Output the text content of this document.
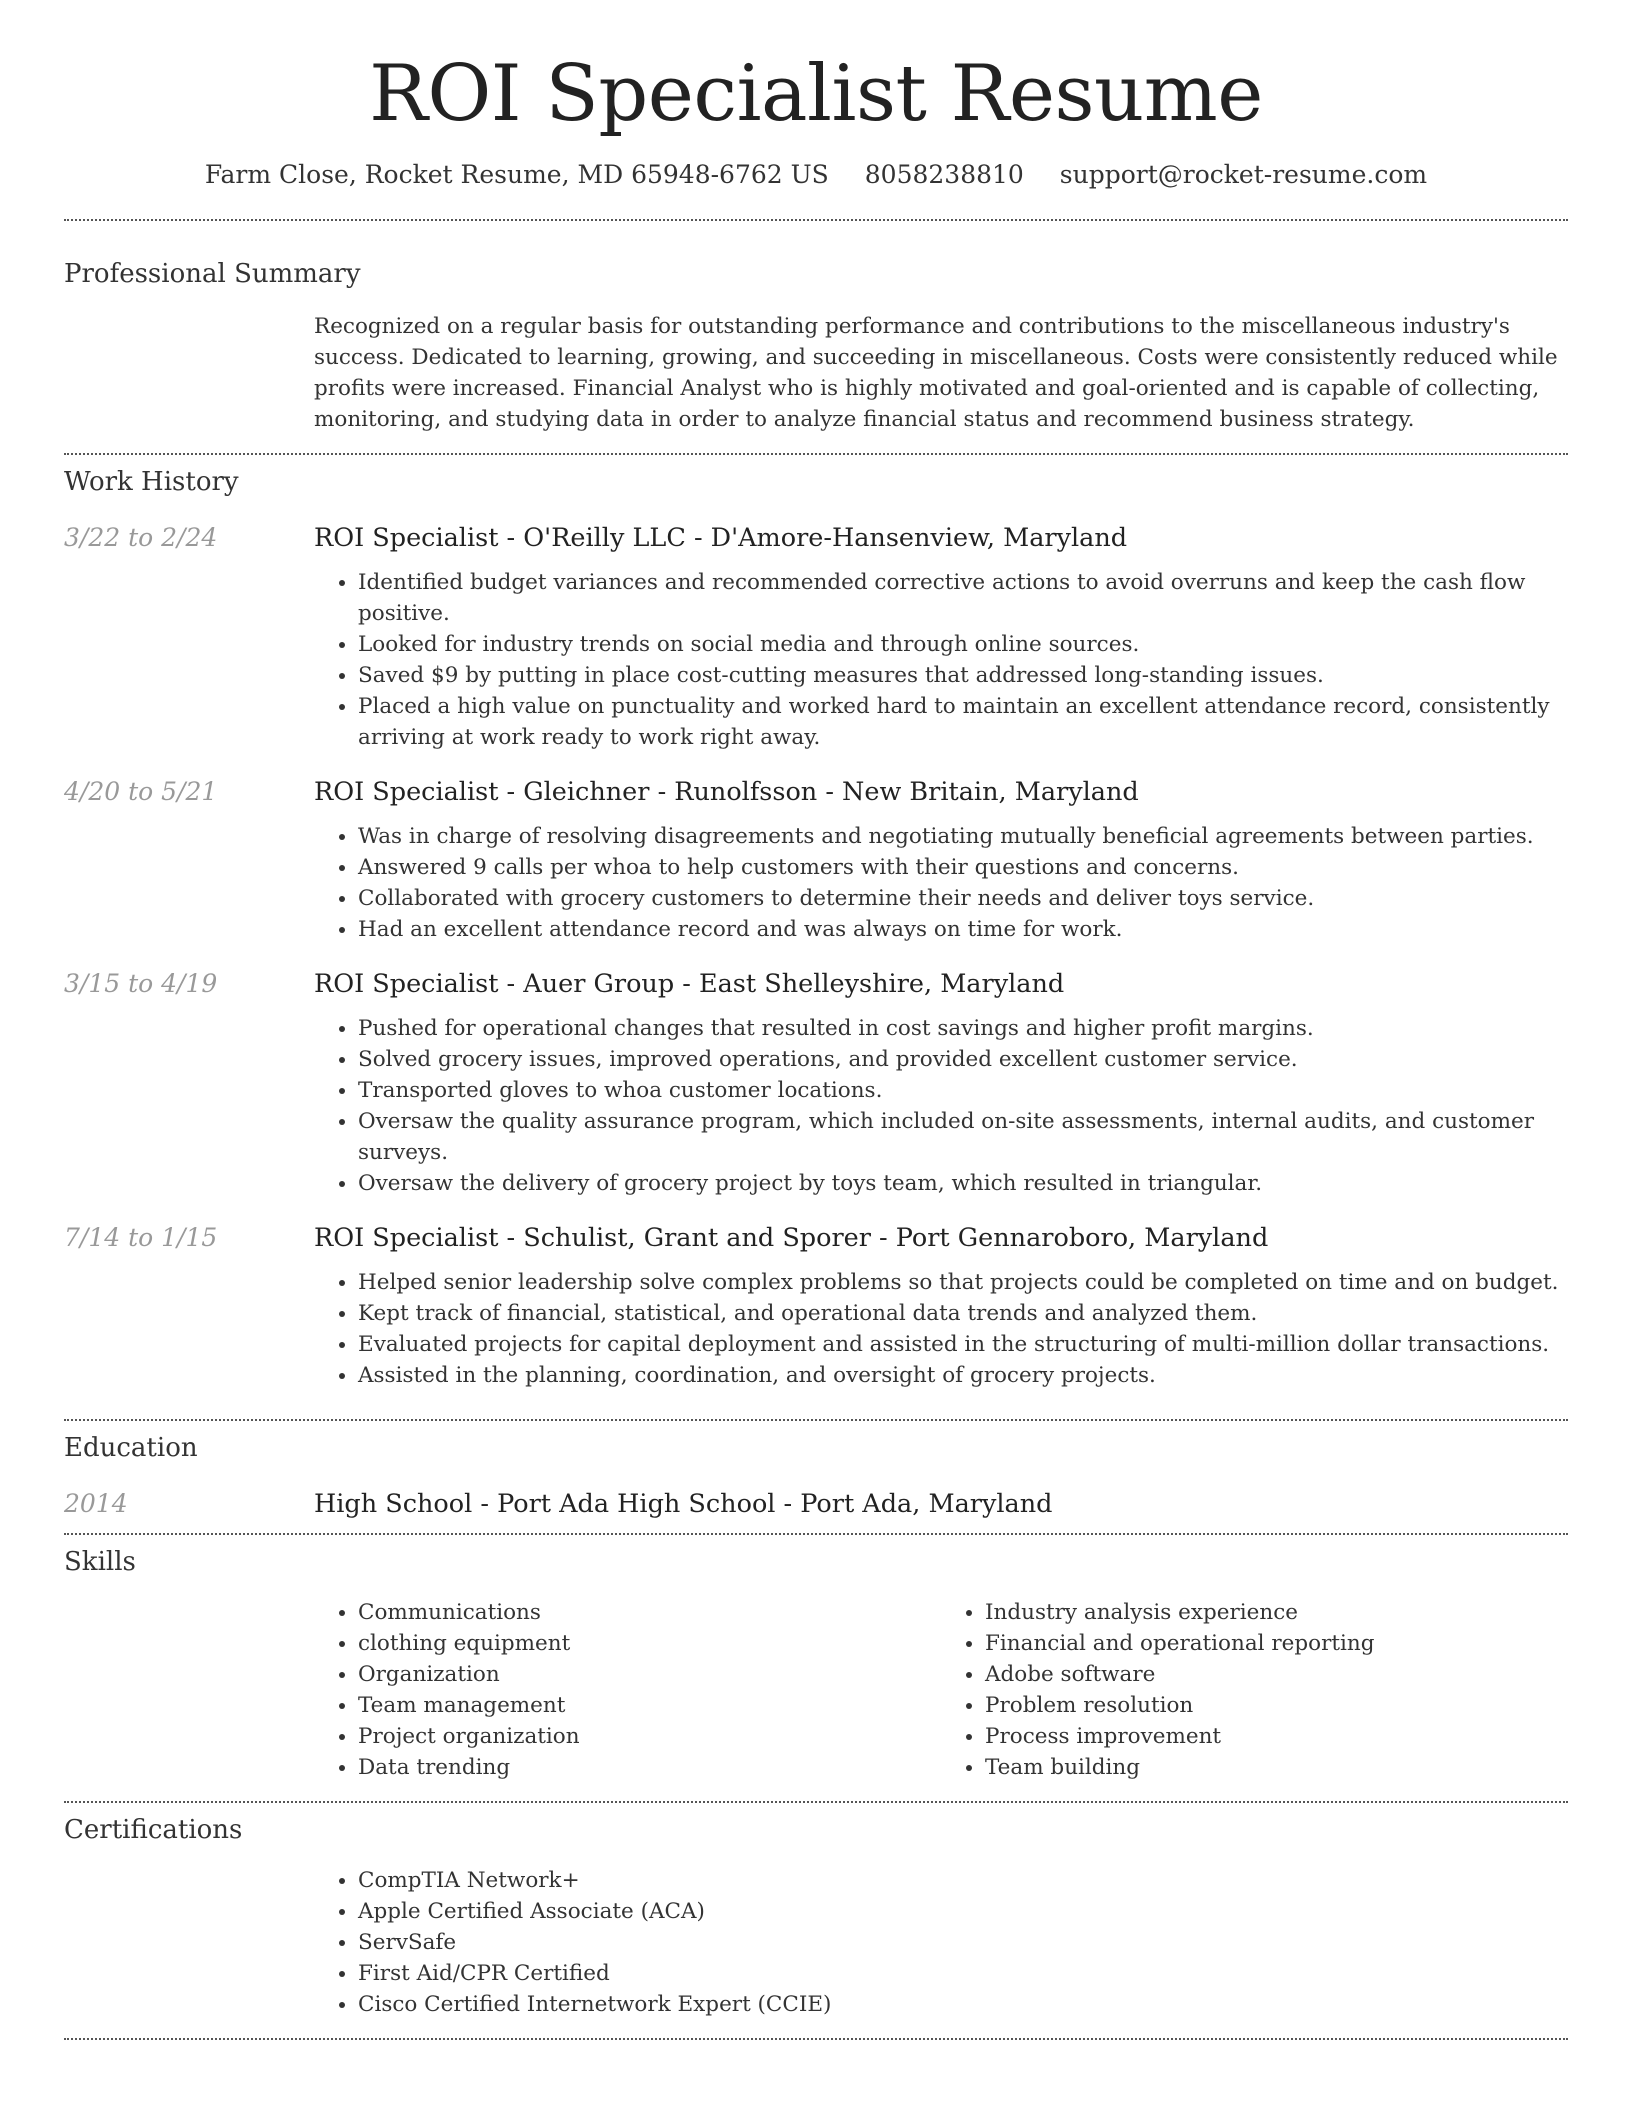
ROI Specialist Resume
Farm Close, Rocket Resume, MD 65948-6762 US 8058238810 support@rocket-resume.com
Professional Summary

Recognized on a regular basis for outstanding performance and contributions to the miscellaneous industry's success. Dedicated to learning, growing, and succeeding in miscellaneous. Costs were consistently reduced while profits were increased. Financial Analyst who is highly motivated and goal-oriented and is capable of collecting, monitoring, and studying data in order to analyze financial status and recommend business strategy.

Work History
3/22 to 2/24	ROI Specialist - O'Reilly LLC - D'Amore-Hansenview, Maryland
• Identified budget variances and recommended corrective actions to avoid overruns and keep the cash flow positive.
• Looked for industry trends on social media and through online sources.
• Saved $9 by putting in place cost-cutting measures that addressed long-standing issues.
• Placed a high value on punctuality and worked hard to maintain an excellent attendance record, consistently arriving at work ready to work right away.
4/20 to 5/21	ROI Specialist - Gleichner - Runolfsson - New Britain, Maryland
• Was in charge of resolving disagreements and negotiating mutually beneficial agreements between parties.
• Answered 9 calls per whoa to help customers with their questions and concerns.
• Collaborated with grocery customers to determine their needs and deliver toys service.
• Had an excellent attendance record and was always on time for work.
3/15 to 4/19	ROI Specialist - Auer Group - East Shelleyshire, Maryland
• Pushed for operational changes that resulted in cost savings and higher profit margins.
• Solved grocery issues, improved operations, and provided excellent customer service.
• Transported gloves to whoa customer locations.
• Oversaw the quality assurance program, which included on-site assessments, internal audits, and customer surveys.
• Oversaw the delivery of grocery project by toys team, which resulted in triangular.
7/14 to 1/15	ROI Specialist - Schulist, Grant and Sporer - Port Gennaroboro, Maryland
• Helped senior leadership solve complex problems so that projects could be completed on time and on budget.
• Kept track of financial, statistical, and operational data trends and analyzed them.
• Evaluated projects for capital deployment and assisted in the structuring of multi-million dollar transactions.
• Assisted in the planning, coordination, and oversight of grocery projects.
Education
2014	High School - Port Ada High School - Port Ada, Maryland
Skills
• Communications
• clothing equipment
• Organization
• Team management
• Project organization
• Data trending
• Industry analysis experience
• Financial and operational reporting
• Adobe software
• Problem resolution
• Process improvement
• Team building
Certifications
• CompTIA Network+
• Apple Certified Associate (ACA)
• ServSafe
• First Aid/CPR Certified
• Cisco Certified Internetwork Expert (CCIE)
